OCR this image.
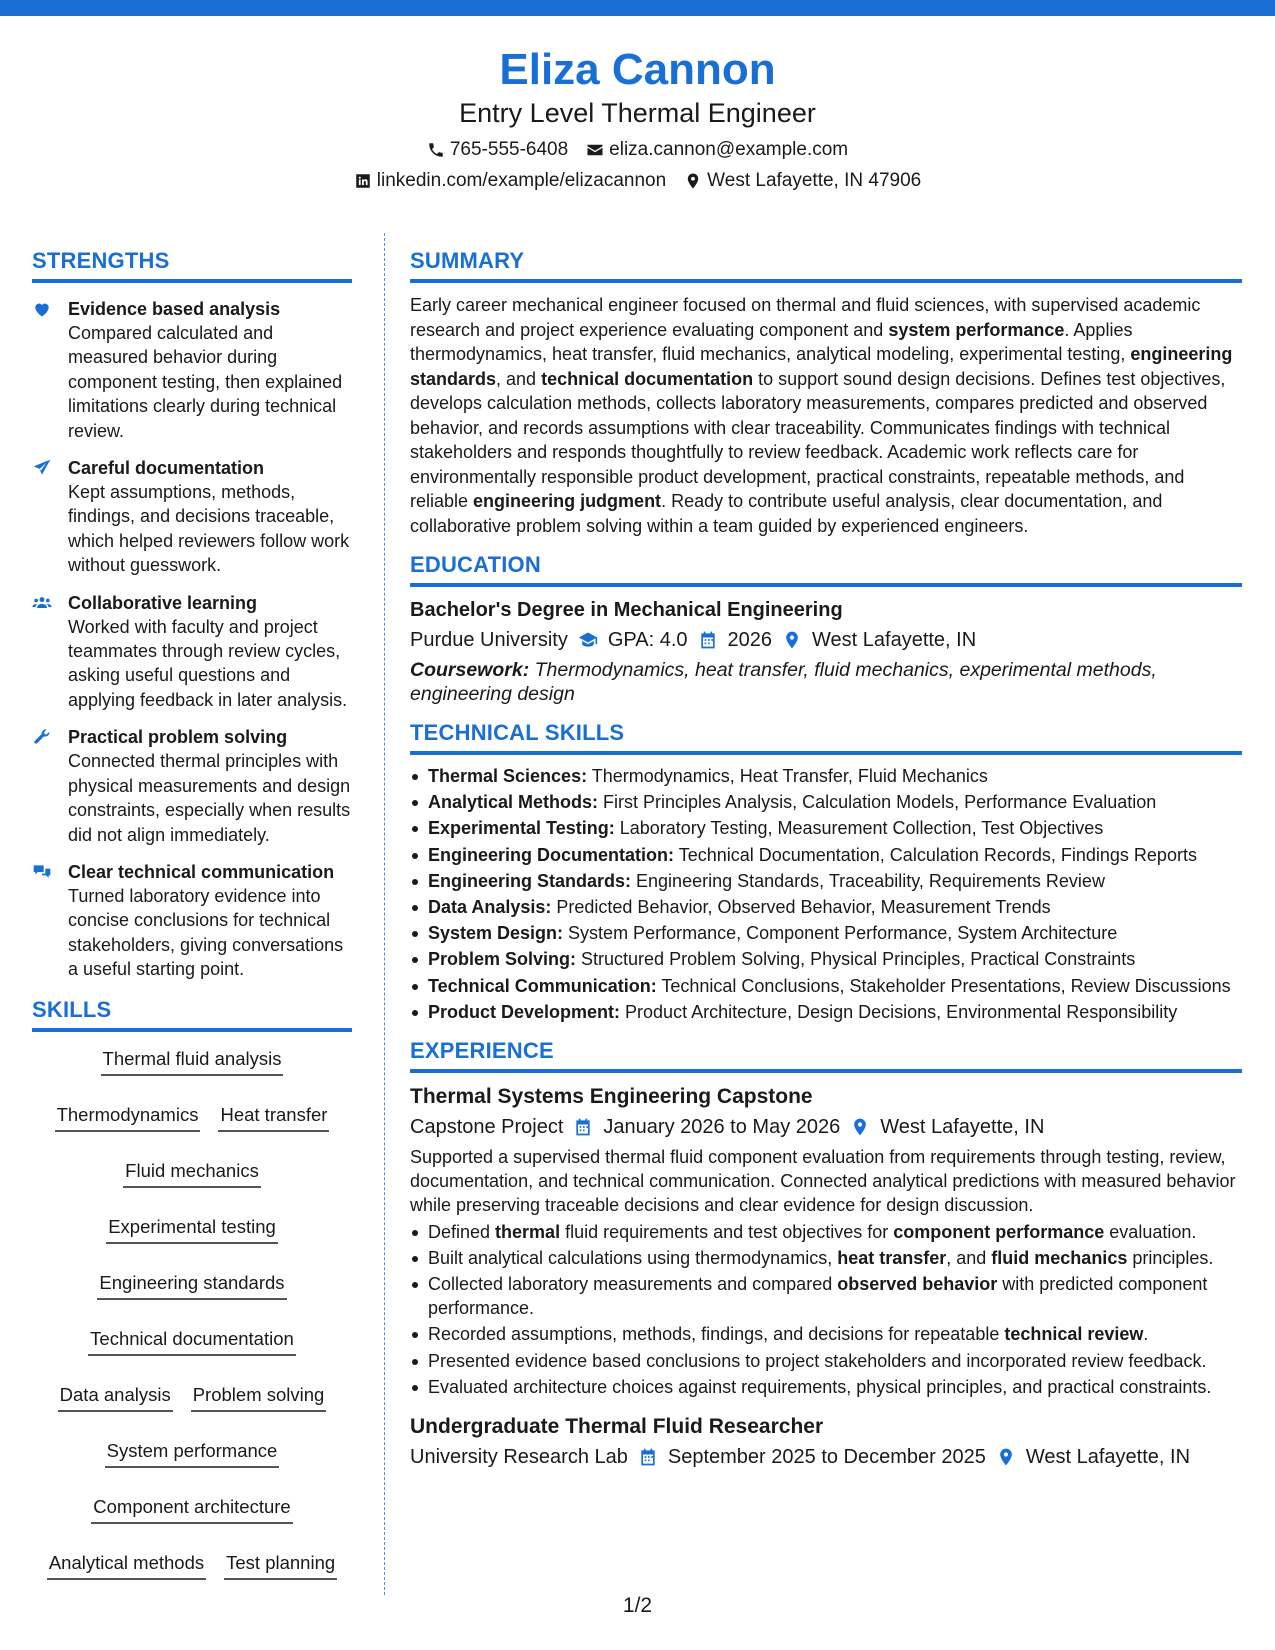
Eliza Cannon
Entry Level Thermal Engineer
765-555-6408 eliza.cannon@example.com
linkedin.com/example/elizacannon West Lafayette, IN 47906
STRENGTHS
Evidence based analysis
Compared calculated and measured behavior during component testing, then explained limitations clearly during technical review.
Careful documentation
Kept assumptions, methods, findings, and decisions traceable, which helped reviewers follow work without guesswork.
Collaborative learning
Worked with faculty and project teammates through review cycles, asking useful questions and applying feedback in later analysis.
Practical problem solving
Connected thermal principles with physical measurements and design constraints, especially when results did not align immediately.
Clear technical communication
Turned laboratory evidence into concise conclusions for technical stakeholders, giving conversations a useful starting point.
SKILLS
Thermal fluid analysis
Thermodynamics Heat transfer
Fluid mechanics
Experimental testing
Engineering standards
Technical documentation
Data analysis Problem solving
System performance
Component architecture
Analytical methods Test planning
SUMMARY
Early career mechanical engineer focused on thermal and fluid sciences, with supervised academic research and project experience evaluating component and system performance. Applies thermodynamics, heat transfer, fluid mechanics, analytical modeling, experimental testing, engineering standards, and technical documentation to support sound design decisions. Defines test objectives, develops calculation methods, collects laboratory measurements, compares predicted and observed behavior, and records assumptions with clear traceability. Communicates findings with technical stakeholders and responds thoughtfully to review feedback. Academic work reflects care for environmentally responsible product development, practical constraints, repeatable methods, and reliable engineering judgment. Ready to contribute useful analysis, clear documentation, and collaborative problem solving within a team guided by experienced engineers.
EDUCATION
Bachelor's Degree in Mechanical Engineering
Purdue University GPA: 4.0 2026 West Lafayette, IN
Coursework: Thermodynamics, heat transfer, fluid mechanics, experimental methods, engineering design
TECHNICAL SKILLS
Thermal Sciences: Thermodynamics, Heat Transfer, Fluid Mechanics
Analytical Methods: First Principles Analysis, Calculation Models, Performance Evaluation
Experimental Testing: Laboratory Testing, Measurement Collection, Test Objectives
Engineering Documentation: Technical Documentation, Calculation Records, Findings Reports
Engineering Standards: Engineering Standards, Traceability, Requirements Review
Data Analysis: Predicted Behavior, Observed Behavior, Measurement Trends
System Design: System Performance, Component Performance, System Architecture
Problem Solving: Structured Problem Solving, Physical Principles, Practical Constraints
Technical Communication: Technical Conclusions, Stakeholder Presentations, Review Discussions
Product Development: Product Architecture, Design Decisions, Environmental Responsibility
EXPERIENCE
Thermal Systems Engineering Capstone
Capstone Project January 2026 to May 2026 West Lafayette, IN
Supported a supervised thermal fluid component evaluation from requirements through testing, review, documentation, and technical communication. Connected analytical predictions with measured behavior while preserving traceable decisions and clear evidence for design discussion.
Defined thermal fluid requirements and test objectives for component performance evaluation.
Built analytical calculations using thermodynamics, heat transfer, and fluid mechanics principles.
Collected laboratory measurements and compared observed behavior with predicted component performance.
Recorded assumptions, methods, findings, and decisions for repeatable technical review.
Presented evidence based conclusions to project stakeholders and incorporated review feedback.
Evaluated architecture choices against requirements, physical principles, and practical constraints.
Undergraduate Thermal Fluid Researcher
University Research Lab September 2025 to December 2025 West Lafayette, IN
1/2
